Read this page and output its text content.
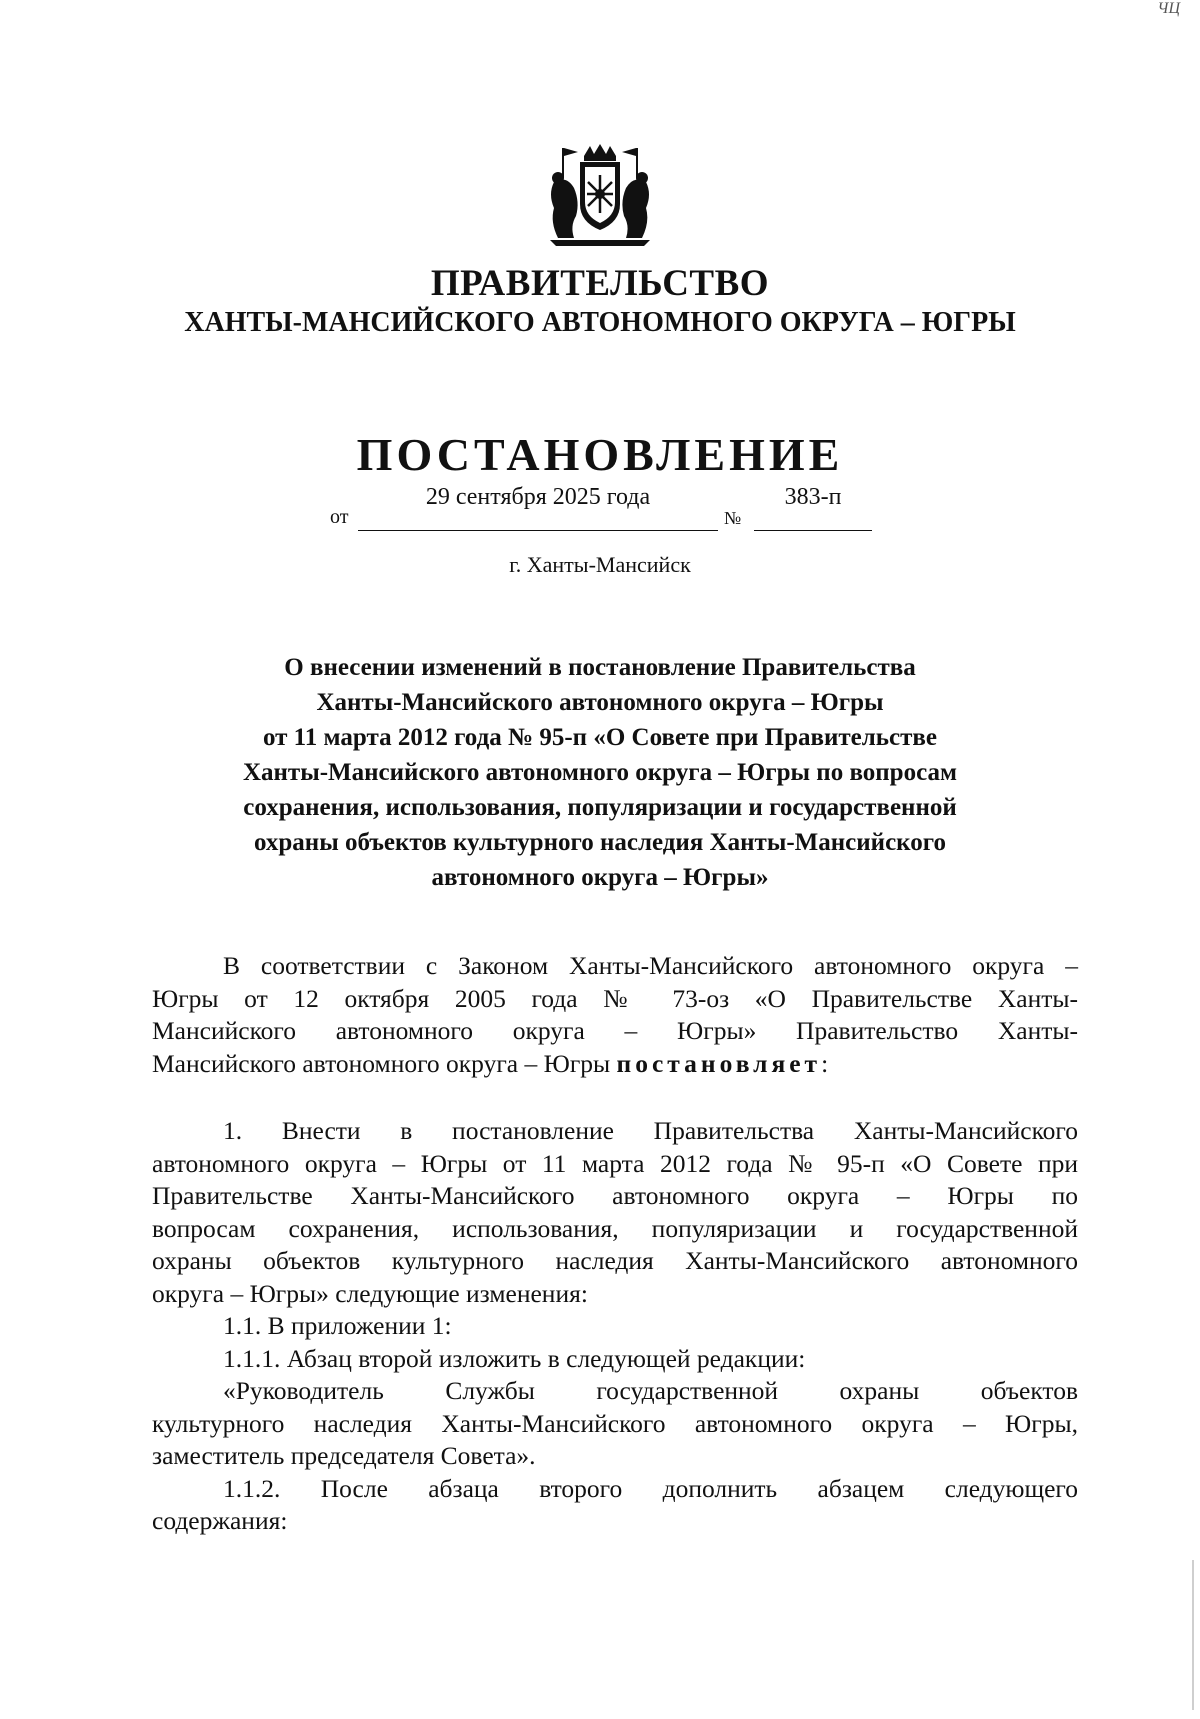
ЧЦ
ПРАВИТЕЛЬСТВО
ХАНТЫ-МАНСИЙСКОГО АВТОНОМНОГО ОКРУГА – ЮГРЫ
ПОСТАНОВЛЕНИЕ
от
29 сентября 2025 года
№
383-п
г. Ханты-Мансийск
О внесении изменений в постановление Правительства
Ханты-Мансийского автономного округа – Югры
от 11 марта 2012 года № 95-п «О Совете при Правительстве
Ханты-Мансийского автономного округа – Югры по вопросам
сохранения, использования, популяризации и государственной
охраны объектов культурного наследия Ханты-Мансийского
автономного округа – Югры»
В соответствии с Законом Ханты-Мансийского автономного округа –
Югры от 12 октября 2005 года № 73-оз «О Правительстве Ханты-
Мансийского автономного округа – Югры» Правительство Ханты-
Мансийского автономного округа – Югры постановляет:
1. Внести в постановление Правительства Ханты-Мансийского
автономного округа – Югры от 11 марта 2012 года № 95-п «О Совете при
Правительстве Ханты-Мансийского автономного округа – Югры по
вопросам сохранения, использования, популяризации и государственной
охраны объектов культурного наследия Ханты-Мансийского автономного
округа – Югры» следующие изменения:
1.1. В приложении 1:
1.1.1. Абзац второй изложить в следующей редакции:
«Руководитель Службы государственной охраны объектов
культурного наследия Ханты-Мансийского автономного округа – Югры,
заместитель председателя Совета».
1.1.2. После абзаца второго дополнить абзацем следующего
содержания:
